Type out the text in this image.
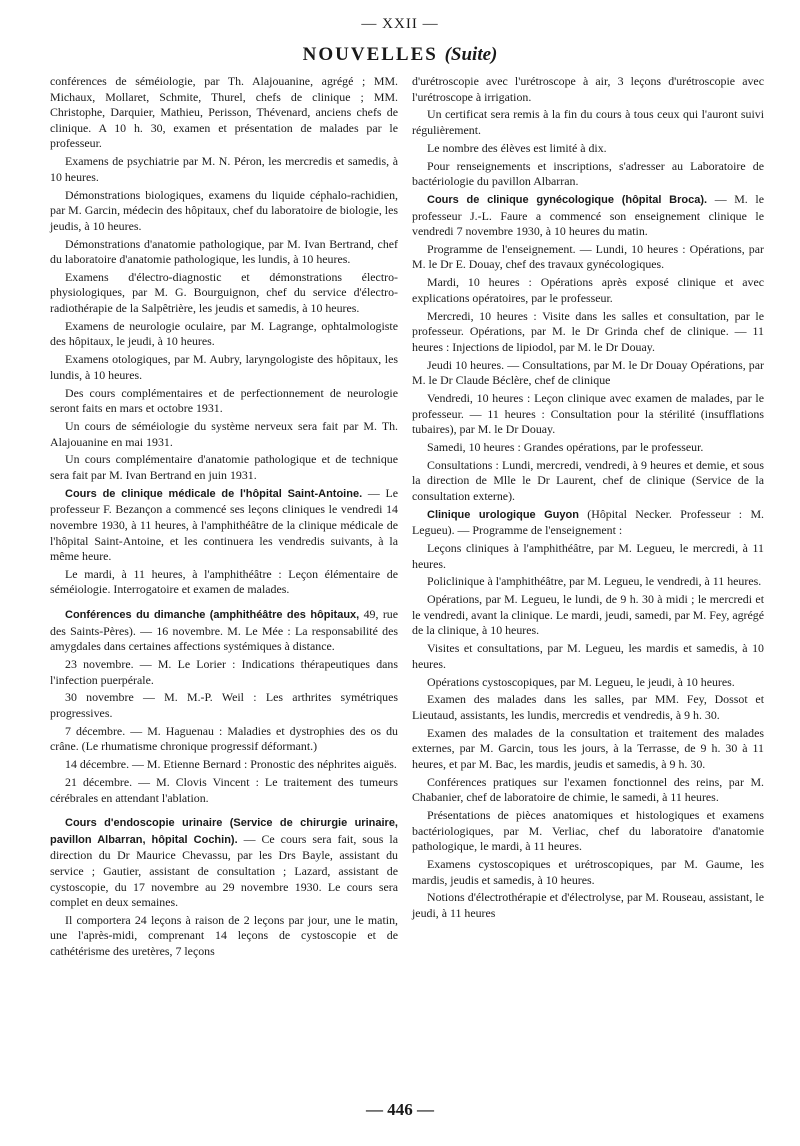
— XXII —
NOUVELLES (Suite)

conférences de séméiologie, par Th. Alajouanine, agrégé ; MM. Michaux, Mollaret, Schmite, Thurel, chefs de clinique ; MM. Christophe, Darquier, Mathieu, Perisson, Thévenard, anciens chefs de clinique. A 10 h. 30, examen et présentation de malades par le professeur.

Examens de psychiatrie par M. N. Péron, les mercredis et samedis, à 10 heures.

Démonstrations biologiques, examens du liquide céphalo-rachidien, par M. Garcin, médecin des hôpitaux, chef du laboratoire de biologie, les jeudis, à 10 heures.

Démonstrations d'anatomie pathologique, par M. Ivan Bertrand, chef du laboratoire d'anatomie pathologique, les lundis, à 10 heures.

Examens d'électro-diagnostic et démonstrations électro-physiologiques, par M. G. Bourguignon, chef du service d'électro-radiothérapie de la Salpêtrière, les jeudis et samedis, à 10 heures.

Examens de neurologie oculaire, par M. Lagrange, ophtalmologiste des hôpitaux, le jeudi, à 10 heures.

Examens otologiques, par M. Aubry, laryngologiste des hôpitaux, les lundis, à 10 heures.

Des cours complémentaires et de perfectionnement de neurologie seront faits en mars et octobre 1931.

Un cours de séméiologie du système nerveux sera fait par M. Th. Alajouanine en mai 1931.

Un cours complémentaire d'anatomie pathologique et de technique sera fait par M. Ivan Bertrand en juin 1931.

Cours de clinique médicale de l'hôpital Saint-Antoine. — Le professeur F. Bezançon a commencé ses leçons cliniques le vendredi 14 novembre 1930, à 11 heures, à l'amphithéâtre de la clinique médicale de l'hôpital Saint-Antoine, et les continuera les vendredis suivants, à la même heure.

Le mardi, à 11 heures, à l'amphithéâtre : Leçon élémentaire de séméiologie. Interrogatoire et examen de malades.

Conférences du dimanche (amphithéâtre des hôpitaux, 49, rue des Saints-Pères). — 16 novembre. M. Le Mée : La responsabilité des amygdales dans certaines affections systémiques à distance.

23 novembre. — M. Le Lorier : Indications thérapeutiques dans l'infection puerpérale.

30 novembre — M. M.-P. Weil : Les arthrites symétriques progressives.

7 décembre. — M. Haguenau : Maladies et dystrophies des os du crâne. (Le rhumatisme chronique progressif déformant.)

14 décembre. — M. Etienne Bernard : Pronostic des néphrites aiguës.

21 décembre. — M. Clovis Vincent : Le traitement des tumeurs cérébrales en attendant l'ablation.

Cours d'endoscopie urinaire (Service de chirurgie urinaire, pavillon Albarran, hôpital Cochin). — Ce cours sera fait, sous la direction du Dr Maurice Chevassu, par les Drs Bayle, assistant du service ; Gautier, assistant de consultation ; Lazard, assistant de cystoscopie, du 17 novembre au 29 novembre 1930. Le cours sera complet en deux semaines.

Il comportera 24 leçons à raison de 2 leçons par jour, une le matin, une l'après-midi, comprenant 14 leçons de cystoscopie et de cathétérisme des uretères, 7 leçons

d'urétroscopie avec l'urétroscope à air, 3 leçons d'urétroscopie avec l'urétroscope à irrigation.

Un certificat sera remis à la fin du cours à tous ceux qui l'auront suivi régulièrement.

Le nombre des élèves est limité à dix.

Pour renseignements et inscriptions, s'adresser au Laboratoire de bactériologie du pavillon Albarran.

Cours de clinique gynécologique (hôpital Broca). — M. le professeur J.-L. Faure a commencé son enseignement clinique le vendredi 7 novembre 1930, à 10 heures du matin.

Programme de l'enseignement. — Lundi, 10 heures : Opérations, par M. le Dr E. Douay, chef des travaux gynécologiques.

Mardi, 10 heures : Opérations après exposé clinique et avec explications opératoires, par le professeur.

Mercredi, 10 heures : Visite dans les salles et consultation, par le professeur. Opérations, par M. le Dr Grinda chef de clinique. — 11 heures : Injections de lipiodol, par M. le Dr Douay.

Jeudi 10 heures. — Consultations, par M. le Dr Douay Opérations, par M. le Dr Claude Béclère, chef de clinique

Vendredi, 10 heures : Leçon clinique avec examen de malades, par le professeur. — 11 heures : Consultation pour la stérilité (insufflations tubaires), par M. le Dr Douay.

Samedi, 10 heures : Grandes opérations, par le professeur.

Consultations : Lundi, mercredi, vendredi, à 9 heures et demie, et sous la direction de Mlle le Dr Laurent, chef de clinique (Service de la consultation externe).

Clinique urologique Guyon (Hôpital Necker. Professeur : M. Legueu). — Programme de l'enseignement :

Leçons cliniques à l'amphithéâtre, par M. Legueu, le mercredi, à 11 heures.

Policlinique à l'amphithéâtre, par M. Legueu, le vendredi, à 11 heures.

Opérations, par M. Legueu, le lundi, de 9 h. 30 à midi ; le mercredi et le vendredi, avant la clinique. Le mardi, jeudi, samedi, par M. Fey, agrégé de la clinique, à 10 heures.

Visites et consultations, par M. Legueu, les mardis et samedis, à 10 heures.

Opérations cystoscopiques, par M. Legueu, le jeudi, à 10 heures.

Examen des malades dans les salles, par MM. Fey, Dossot et Lieutaud, assistants, les lundis, mercredis et vendredis, à 9 h. 30.

Examen des malades de la consultation et traitement des malades externes, par M. Garcin, tous les jours, à la Terrasse, de 9 h. 30 à 11 heures, et par M. Bac, les mardis, jeudis et samedis, à 9 h. 30.

Conférences pratiques sur l'examen fonctionnel des reins, par M. Chabanier, chef de laboratoire de chimie, le samedi, à 11 heures.

Présentations de pièces anatomiques et histologiques et examens bactériologiques, par M. Verliac, chef du laboratoire d'anatomie pathologique, le mardi, à 11 heures.

Examens cystoscopiques et urétroscopiques, par M. Gaume, les mardis, jeudis et samedis, à 10 heures.

Notions d'électrothérapie et d'électrolyse, par M. Rouseau, assistant, le jeudi, à 11 heures

— 446 —
